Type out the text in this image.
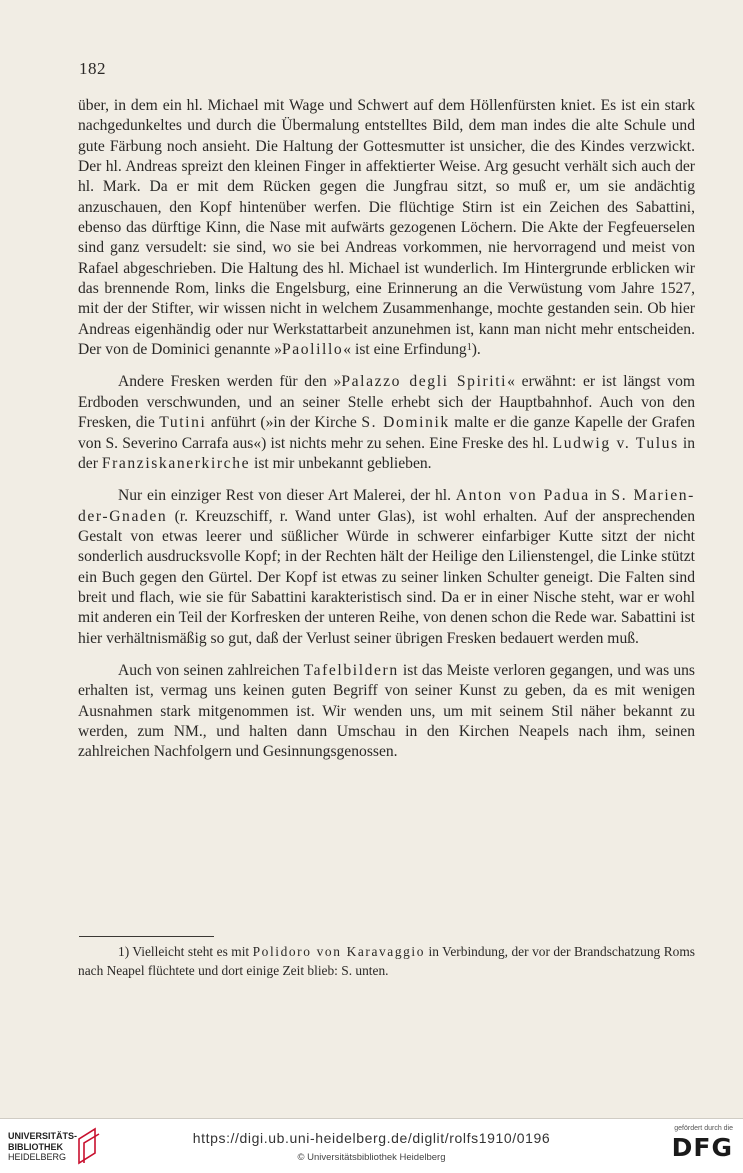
182

über, in dem ein hl. Michael mit Wage und Schwert auf dem Höllenfürsten kniet. Es ist ein stark nachgedunkeltes und durch die Übermalung entstelltes Bild, dem man indes die alte Schule und gute Färbung noch ansieht. Die Haltung der Gottesmutter ist unsicher, die des Kindes verzwickt. Der hl. Andreas spreizt den kleinen Finger in affektierter Weise. Arg gesucht verhält sich auch der hl. Mark. Da er mit dem Rücken gegen die Jungfrau sitzt, so muß er, um sie andächtig anzuschauen, den Kopf hintenüber werfen. Die flüchtige Stirn ist ein Zeichen des Sabattini, ebenso das dürftige Kinn, die Nase mit aufwärts gezogenen Löchern. Die Akte der Fegfeuerselen sind ganz versudelt: sie sind, wo sie bei Andreas vorkommen, nie hervorragend und meist von Rafael abgeschrieben. Die Haltung des hl. Michael ist wunderlich. Im Hintergrunde erblicken wir das brennende Rom, links die Engelsburg, eine Erinnerung an die Verwüstung vom Jahre 1527, mit der der Stifter, wir wissen nicht in welchem Zusammenhange, mochte gestanden sein. Ob hier Andreas eigenhändig oder nur Werkstattarbeit anzunehmen ist, kann man nicht mehr entscheiden. Der von de Dominici genannte »Paolillo« ist eine Erfindung$^1$).

Andere Fresken werden für den »Palazzo degli Spiriti« erwähnt: er ist längst vom Erdboden verschwunden, und an seiner Stelle erhebt sich der Hauptbahnhof. Auch von den Fresken, die Tutini anführt (»in der Kirche S. Dominik malte er die ganze Kapelle der Grafen von S. Severino Carrafa aus«) ist nichts mehr zu sehen. Eine Freske des hl. Ludwig v. Tulus in der Franziskanerkirche ist mir unbekannt geblieben.

Nur ein einziger Rest von dieser Art Malerei, der hl. Anton von Padua in S. Marien-der-Gnaden (r. Kreuzschiff, r. Wand unter Glas), ist wohl erhalten. Auf der ansprechenden Gestalt von etwas leerer und süßlicher Würde in schwerer einfarbiger Kutte sitzt der nicht sonderlich ausdrucksvolle Kopf; in der Rechten hält der Heilige den Lilienstengel, die Linke stützt ein Buch gegen den Gürtel. Der Kopf ist etwas zu seiner linken Schulter geneigt. Die Falten sind breit und flach, wie sie für Sabattini karakteristisch sind. Da er in einer Nische steht, war er wohl mit anderen ein Teil der Korfresken der unteren Reihe, von denen schon die Rede war. Sabattini ist hier verhältnismäßig so gut, daß der Verlust seiner übrigen Fresken bedauert werden muß.

Auch von seinen zahlreichen Tafelbildern ist das Meiste verloren gegangen, und was uns erhalten ist, vermag uns keinen guten Begriff von seiner Kunst zu geben, da es mit wenigen Ausnahmen stark mitgenommen ist. Wir wenden uns, um mit seinem Stil näher bekannt zu werden, zum NM., und halten dann Umschau in den Kirchen Neapels nach ihm, seinen zahlreichen Nachfolgern und Gesinnungsgenossen.

1) Vielleicht steht es mit Polidoro von Karavaggio in Verbindung, der vor der Brandschatzung Roms nach Neapel flüchtete und dort einige Zeit blieb: S. unten.
UNIVERSITÄTS-
BIBLIOTHEK
HEIDELBERG
https://digi.ub.uni-heidelberg.de/diglit/rolfs1910/0196
© Universitätsbibliothek Heidelberg
gefördert durch die
DFG
